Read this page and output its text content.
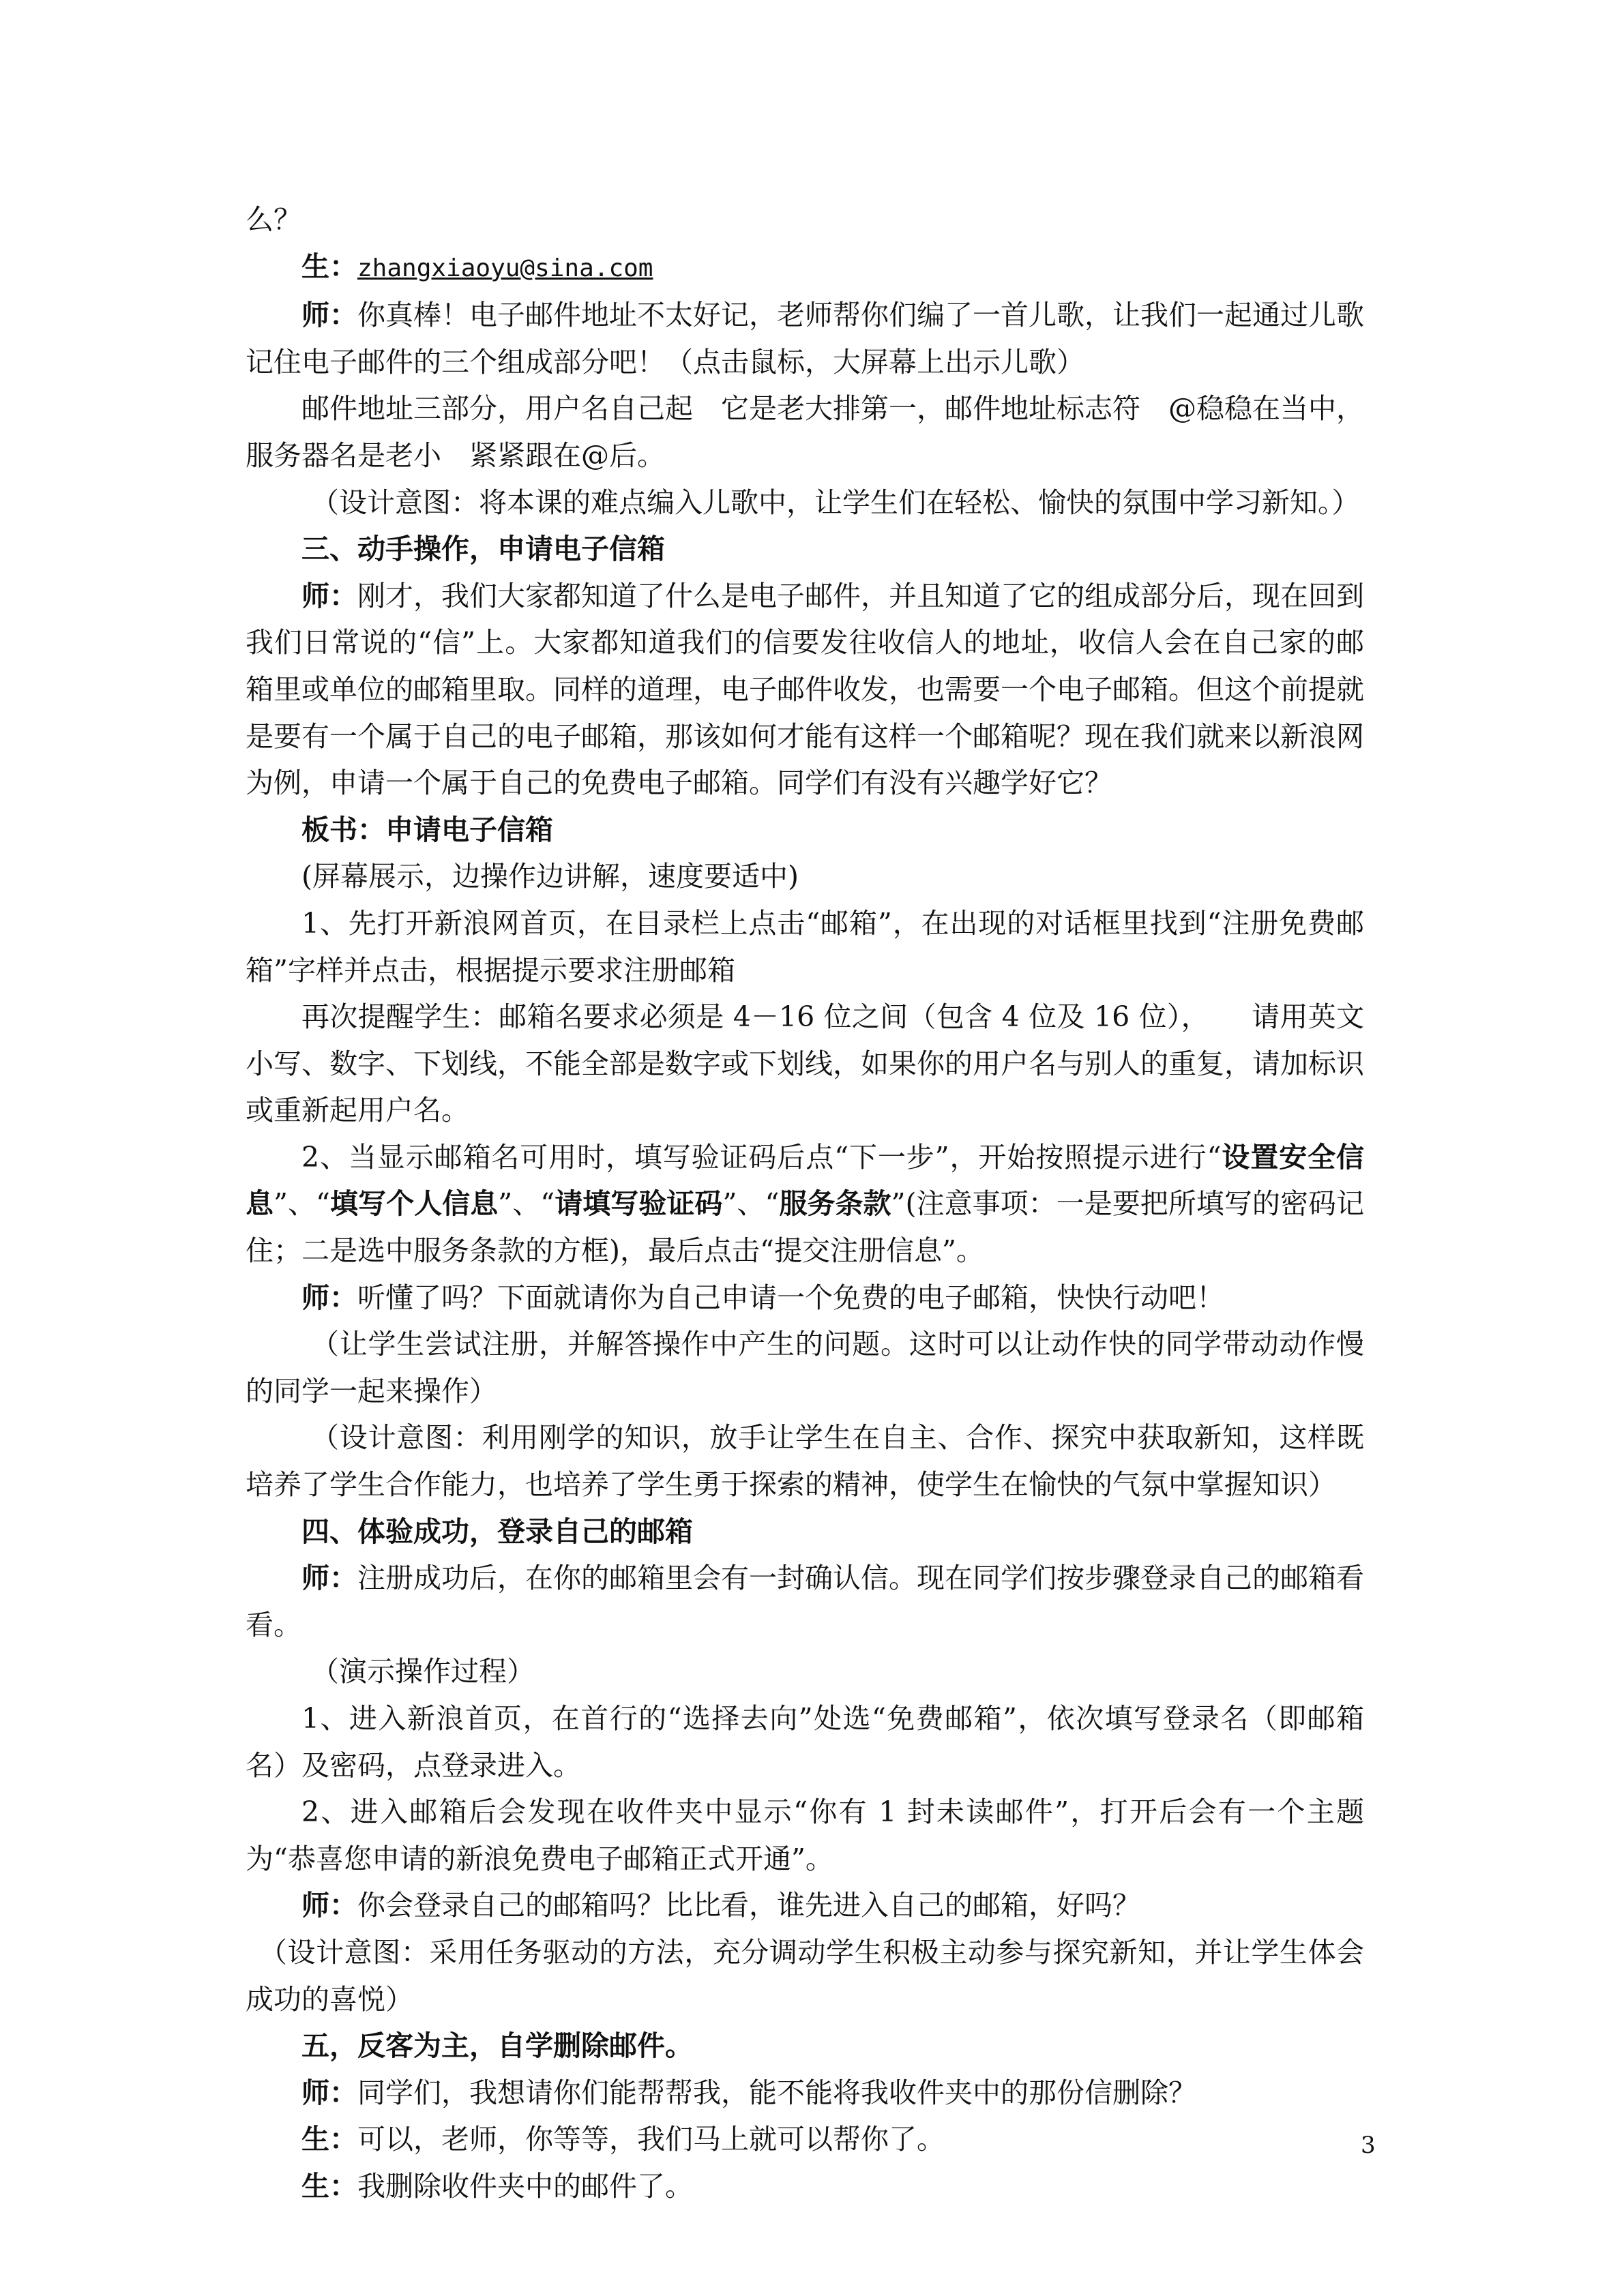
么？

生：zhangxiaoyu@sina.com

师：你真棒！电子邮件地址不太好记，老师帮你们编了一首儿歌，让我们一起通过儿歌记住电子邮件的三个组成部分吧！（点击鼠标，大屏幕上出示儿歌）

邮件地址三部分，用户名自己起　它是老大排第一，邮件地址标志符　@稳稳在当中，服务器名是老小　紧紧跟在@后。

（设计意图：将本课的难点编入儿歌中，让学生们在轻松、愉快的氛围中学习新知。）

三、动手操作，申请电子信箱

师：刚才，我们大家都知道了什么是电子邮件，并且知道了它的组成部分后，现在回到我们日常说的“信”上。大家都知道我们的信要发往收信人的地址，收信人会在自己家的邮箱里或单位的邮箱里取。同样的道理，电子邮件收发，也需要一个电子邮箱。但这个前提就是要有一个属于自己的电子邮箱，那该如何才能有这样一个邮箱呢？现在我们就来以新浪网为例，申请一个属于自己的免费电子邮箱。同学们有没有兴趣学好它？

板书：申请电子信箱

(屏幕展示，边操作边讲解，速度要适中)

1、先打开新浪网首页，在目录栏上点击“邮箱”，在出现的对话框里找到“注册免费邮箱”字样并点击，根据提示要求注册邮箱

再次提醒学生：邮箱名要求必须是 4－16 位之间（包含 4 位及 16 位），　　请用英文小写、数字、下划线，不能全部是数字或下划线，如果你的用户名与别人的重复，请加标识或重新起用户名。

2、当显示邮箱名可用时，填写验证码后点“下一步”，开始按照提示进行“设置安全信息”、“填写个人信息”、“请填写验证码”、“服务条款”(注意事项：一是要把所填写的密码记住；二是选中服务条款的方框)，最后点击“提交注册信息”。

师：听懂了吗？下面就请你为自己申请一个免费的电子邮箱，快快行动吧！

（让学生尝试注册，并解答操作中产生的问题。这时可以让动作快的同学带动动作慢的同学一起来操作）

（设计意图：利用刚学的知识，放手让学生在自主、合作、探究中获取新知，这样既培养了学生合作能力，也培养了学生勇于探索的精神，使学生在愉快的气氛中掌握知识）

四、体验成功，登录自己的邮箱

师：注册成功后，在你的邮箱里会有一封确认信。现在同学们按步骤登录自己的邮箱看看。

（演示操作过程）

1、进入新浪首页，在首行的“选择去向”处选“免费邮箱”，依次填写登录名（即邮箱名）及密码，点登录进入。

2、进入邮箱后会发现在收件夹中显示“你有 1 封未读邮件”，打开后会有一个主题为“恭喜您申请的新浪免费电子邮箱正式开通”。

师：你会登录自己的邮箱吗？比比看，谁先进入自己的邮箱，好吗？

（设计意图：采用任务驱动的方法，充分调动学生积极主动参与探究新知，并让学生体会成功的喜悦）

五，反客为主，自学删除邮件。

师：同学们，我想请你们能帮帮我，能不能将我收件夹中的那份信删除？

生：可以，老师，你等等，我们马上就可以帮你了。

生：我删除收件夹中的邮件了。

3
